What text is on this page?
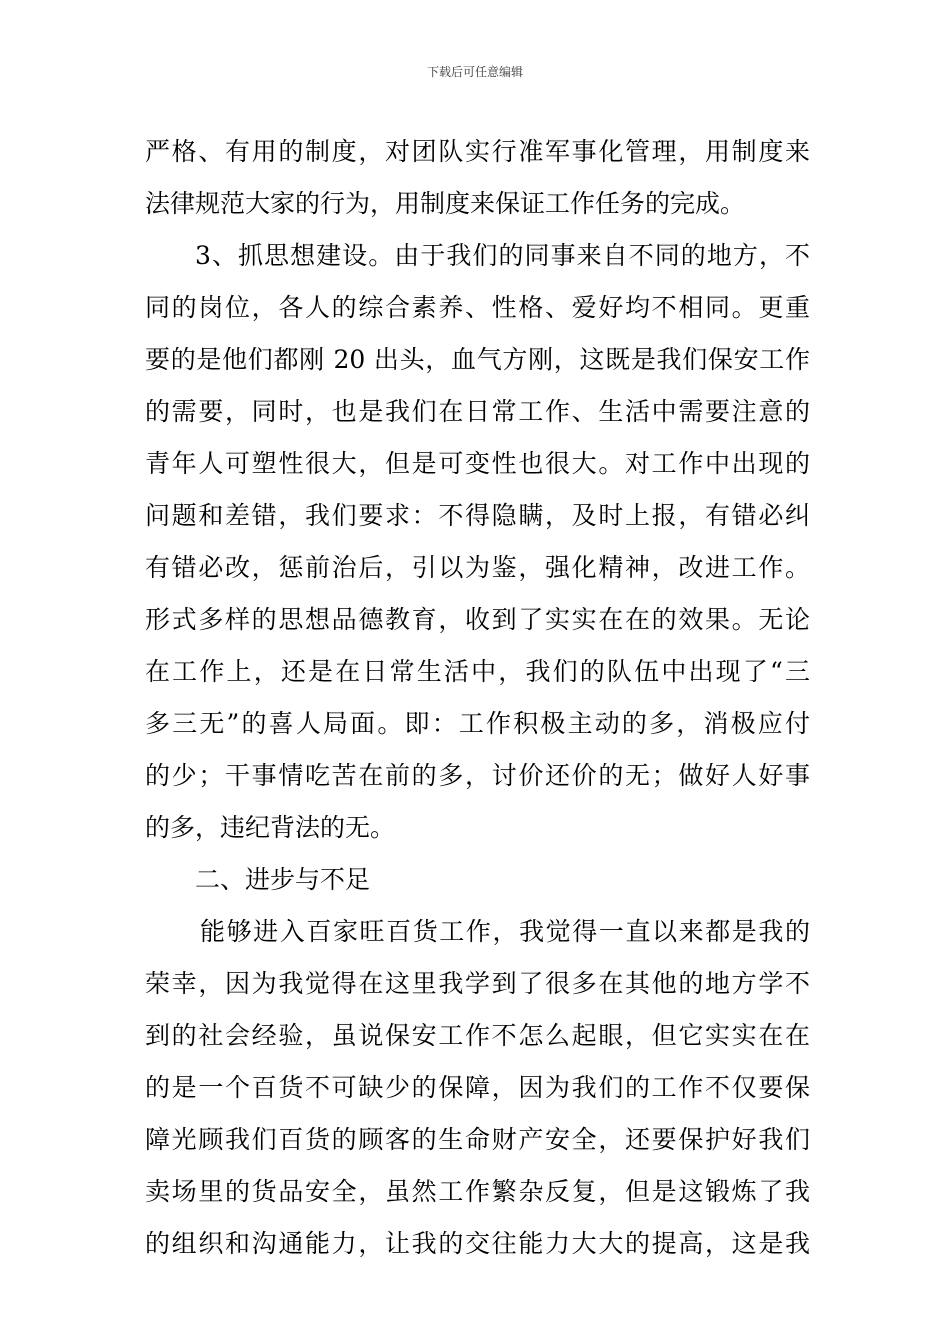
下载后可任意编辑
严格、有用的制度，对团队实行准军事化管理，用制度来
法律规范大家的行为，用制度来保证工作任务的完成。
3、抓思想建设。由于我们的同事来自不同的地方，不
同的岗位，各人的综合素养、性格、爱好均不相同。更重
要的是他们都刚 20 出头，血气方刚，这既是我们保安工作
的需要，同时，也是我们在日常工作、生活中需要注意的
青年人可塑性很大，但是可变性也很大。对工作中出现的
问题和差错，我们要求：不得隐瞒，及时上报，有错必纠
有错必改，惩前治后，引以为鉴，强化精神，改进工作。
形式多样的思想品德教育，收到了实实在在的效果。无论
在工作上，还是在日常生活中，我们的队伍中出现了“三
多三无”的喜人局面。即：工作积极主动的多，消极应付
的少；干事情吃苦在前的多，讨价还价的无；做好人好事
的多，违纪背法的无。
二、进步与不足
能够进入百家旺百货工作，我觉得一直以来都是我的
荣幸，因为我觉得在这里我学到了很多在其他的地方学不
到的社会经验，虽说保安工作不怎么起眼，但它实实在在
的是一个百货不可缺少的保障，因为我们的工作不仅要保
障光顾我们百货的顾客的生命财产安全，还要保护好我们
卖场里的货品安全，虽然工作繁杂反复，但是这锻炼了我
的组织和沟通能力，让我的交往能力大大的提高，这是我
